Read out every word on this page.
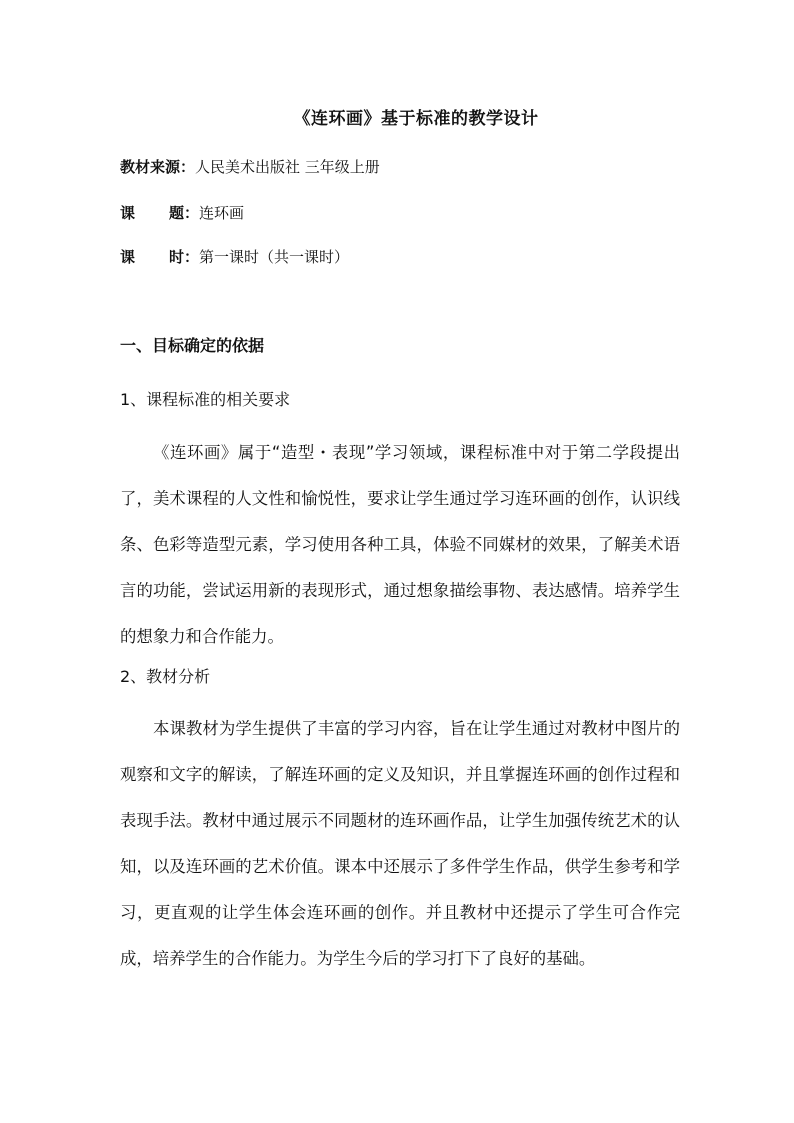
《连环画》基于标准的教学设计
教材来源：人民美术出版社 三年级上册
课 题：连环画
课 时：第一课时（共一课时）
一、目标确定的依据
1、课程标准的相关要求

《连环画》属于“造型・表现”学习领域，课程标准中对于第二学段提出了，美术课程的人文性和愉悦性，要求让学生通过学习连环画的创作，认识线条、色彩等造型元素，学习使用各种工具，体验不同媒材的效果，了解美术语言的功能，尝试运用新的表现形式，通过想象描绘事物、表达感情。培养学生的想象力和合作能力。

2、教材分析

本课教材为学生提供了丰富的学习内容，旨在让学生通过对教材中图片的观察和文字的解读，了解连环画的定义及知识，并且掌握连环画的创作过程和表现手法。教材中通过展示不同题材的连环画作品，让学生加强传统艺术的认知，以及连环画的艺术价值。课本中还展示了多件学生作品，供学生参考和学习，更直观的让学生体会连环画的创作。并且教材中还提示了学生可合作完成，培养学生的合作能力。为学生今后的学习打下了良好的基础。
